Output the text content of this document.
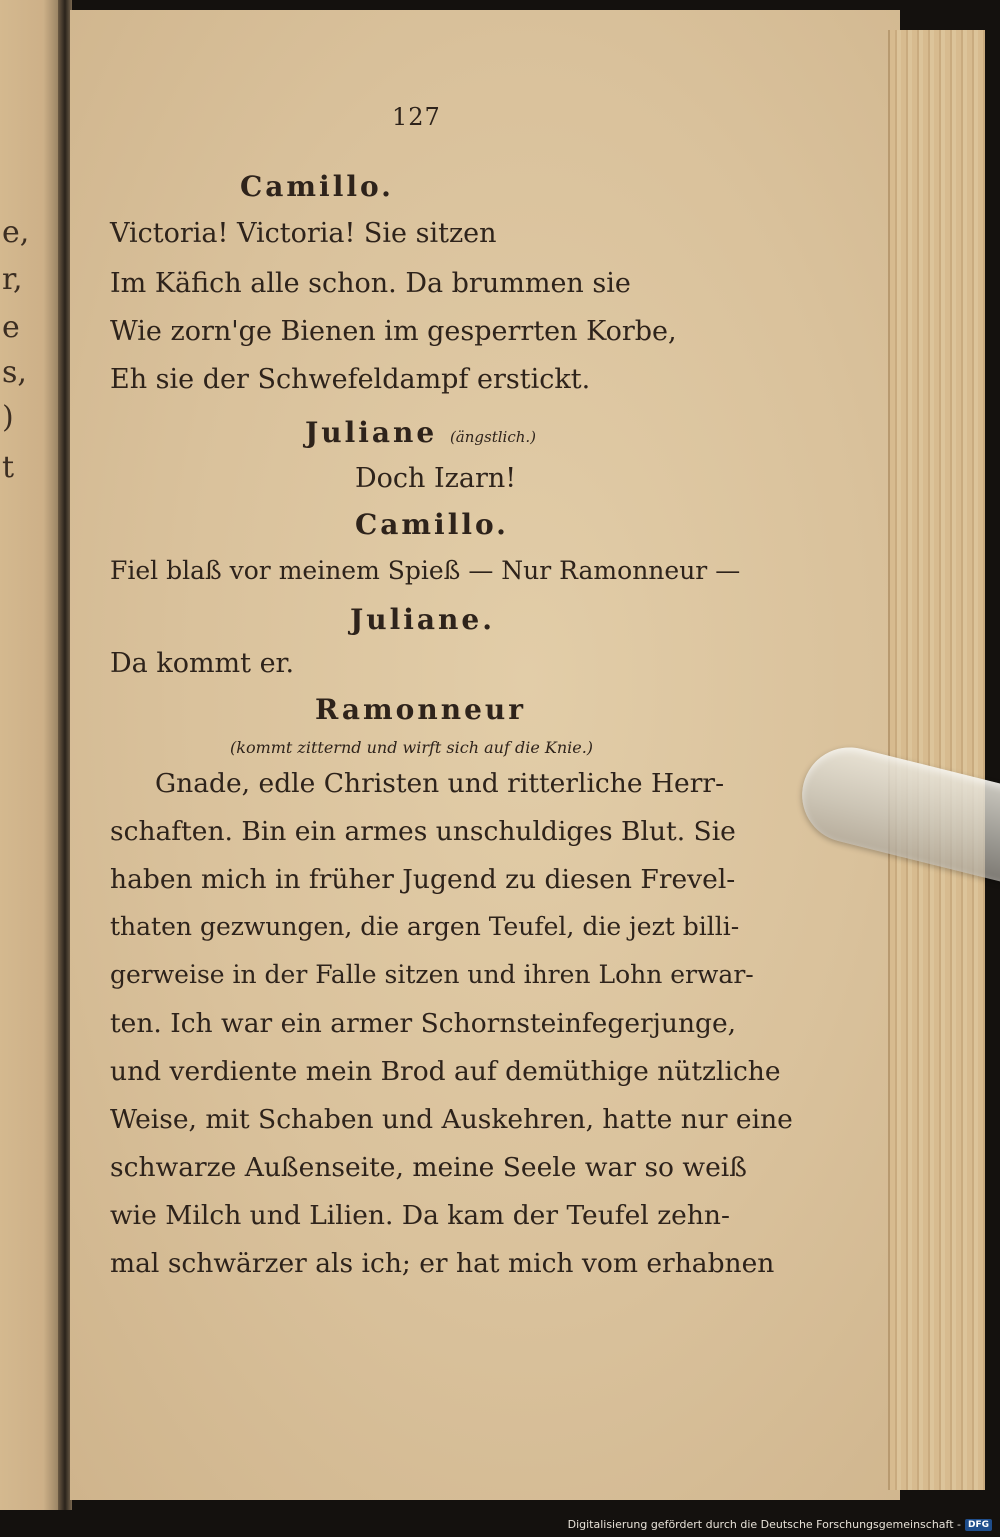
e,
r,
e
s,
)
t
127
Camillo.
Victoria! Victoria! Sie sitzen
Im Käfich alle schon. Da brummen sie
Wie zorn'ge Bienen im gesperrten Korbe,
Eh sie der Schwefeldampf erstickt.
Juliane (ängstlich.)
Doch Izarn!
Camillo.
Fiel blaß vor meinem Spieß — Nur Ramonneur —
Juliane.
Da kommt er.
Ramonneur
(kommt zitternd und wirft sich auf die Knie.)
Gnade, edle Christen und ritterliche Herr-
schaften. Bin ein armes unschuldiges Blut. Sie
haben mich in früher Jugend zu diesen Frevel-
thaten gezwungen, die argen Teufel, die jezt billi-
gerweise in der Falle sitzen und ihren Lohn erwar-
ten. Ich war ein armer Schornsteinfegerjunge,
und verdiente mein Brod auf demüthige nützliche
Weise, mit Schaben und Auskehren, hatte nur eine
schwarze Außenseite, meine Seele war so weiß
wie Milch und Lilien. Da kam der Teufel zehn-
mal schwärzer als ich; er hat mich vom erhabnen
Digitalisierung gefördert durch die Deutsche Forschungsgemeinschaft - DFG
